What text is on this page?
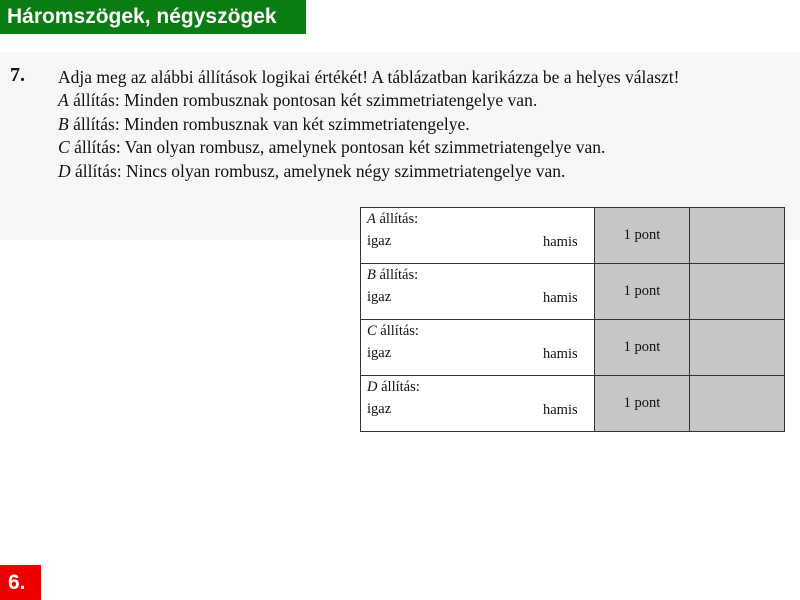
Háromszögek, négyszögek
7. Adja meg az alábbi állítások logikai értékét! A táblázatban karikázza be a helyes választ!

A állítás: Minden rombusznak pontosan két szimmetriatengelye van.

B állítás: Minden rombusznak van két szimmetriatengelye.

C állítás: Van olyan rombusz, amelynek pontosan két szimmetriatengelye van.

D állítás: Nincs olyan rombusz, amelynek négy szimmetriatengelye van.

A állítás:
igaz hamis	1 pont	

B állítás:
igaz hamis	1 pont	

C állítás:
igaz hamis	1 pont	

D állítás:
igaz hamis	1 pont	
6.
